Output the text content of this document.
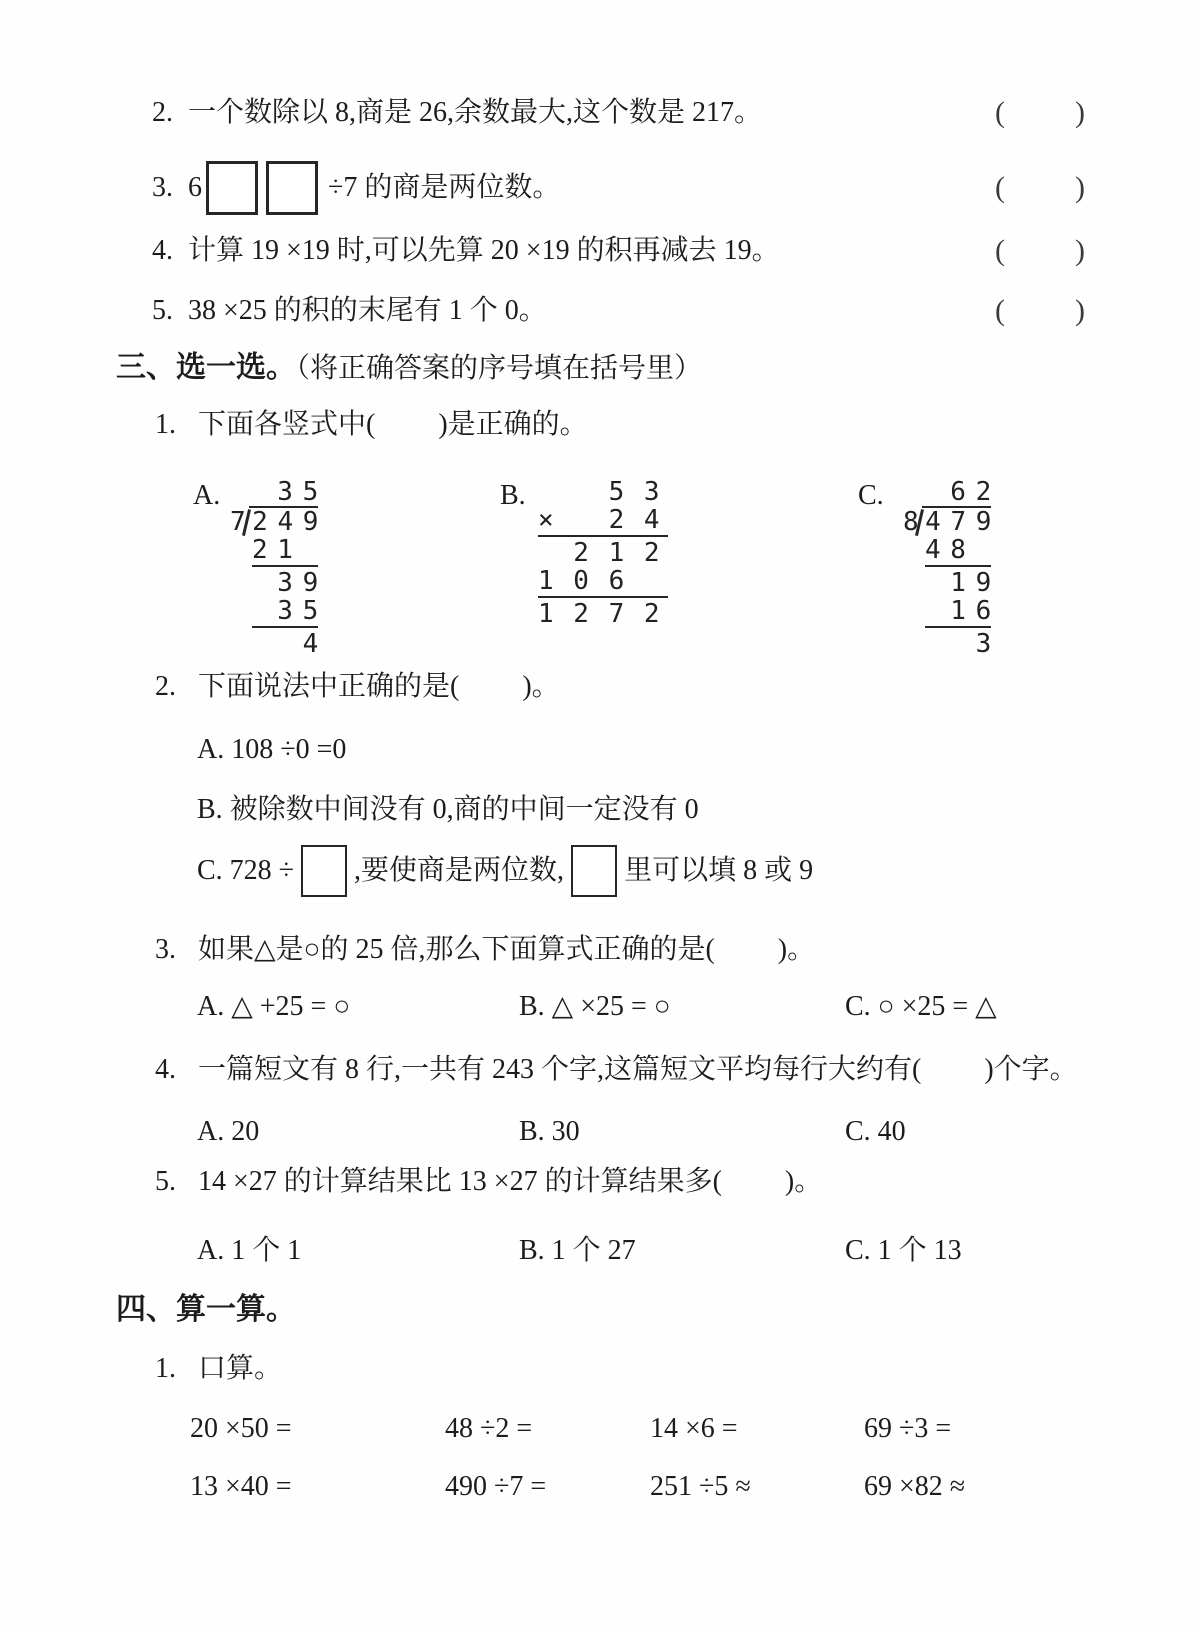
2. 一个数除以 8,商是 26,余数最大,这个数是 217。	( )
3. 6	÷7 的商是两位数。	( )
4. 计算 19 ×19 时,可以先算 20 ×19 的积再减去 19。	( )
5. 38 ×25 的积的末尾有 1 个 0。	( )
三、选一选。（将正确答案的序号填在括号里）
1. 下面各竖式中(　　 )是正确的。
A. 3 5
7 2 4 9
2 1
3 9
3 5
4
B. 5 3
×   2 4
2 1 2
1 0 6
1 2 7 2
C. 6 2
8 4 7 9
4 8
1 9
1 6
3
2. 下面说法中正确的是(　　 )。
A. 108 ÷0 =0
B. 被除数中间没有 0,商的中间一定没有 0
C. 728 ÷ ,要使商是两位数, 里可以填 8 或 9
3. 如果△是○的 25 倍,那么下面算式正确的是(　　 )。
A. △ +25 = ○	B. △ ×25 = ○	C. ○ ×25 = △
4. 一篇短文有 8 行,一共有 243 个字,这篇短文平均每行大约有(　　 )个字。
A. 20	B. 30	C. 40
5. 14 ×27 的计算结果比 13 ×27 的计算结果多(　　 )。
A. 1 个 1	B. 1 个 27	C. 1 个 13
四、算一算。
1. 口算。
20 ×50 =	48 ÷2 =	14 ×6 =	69 ÷3 =
13 ×40 =	490 ÷7 =	251 ÷5 ≈	69 ×82 ≈
